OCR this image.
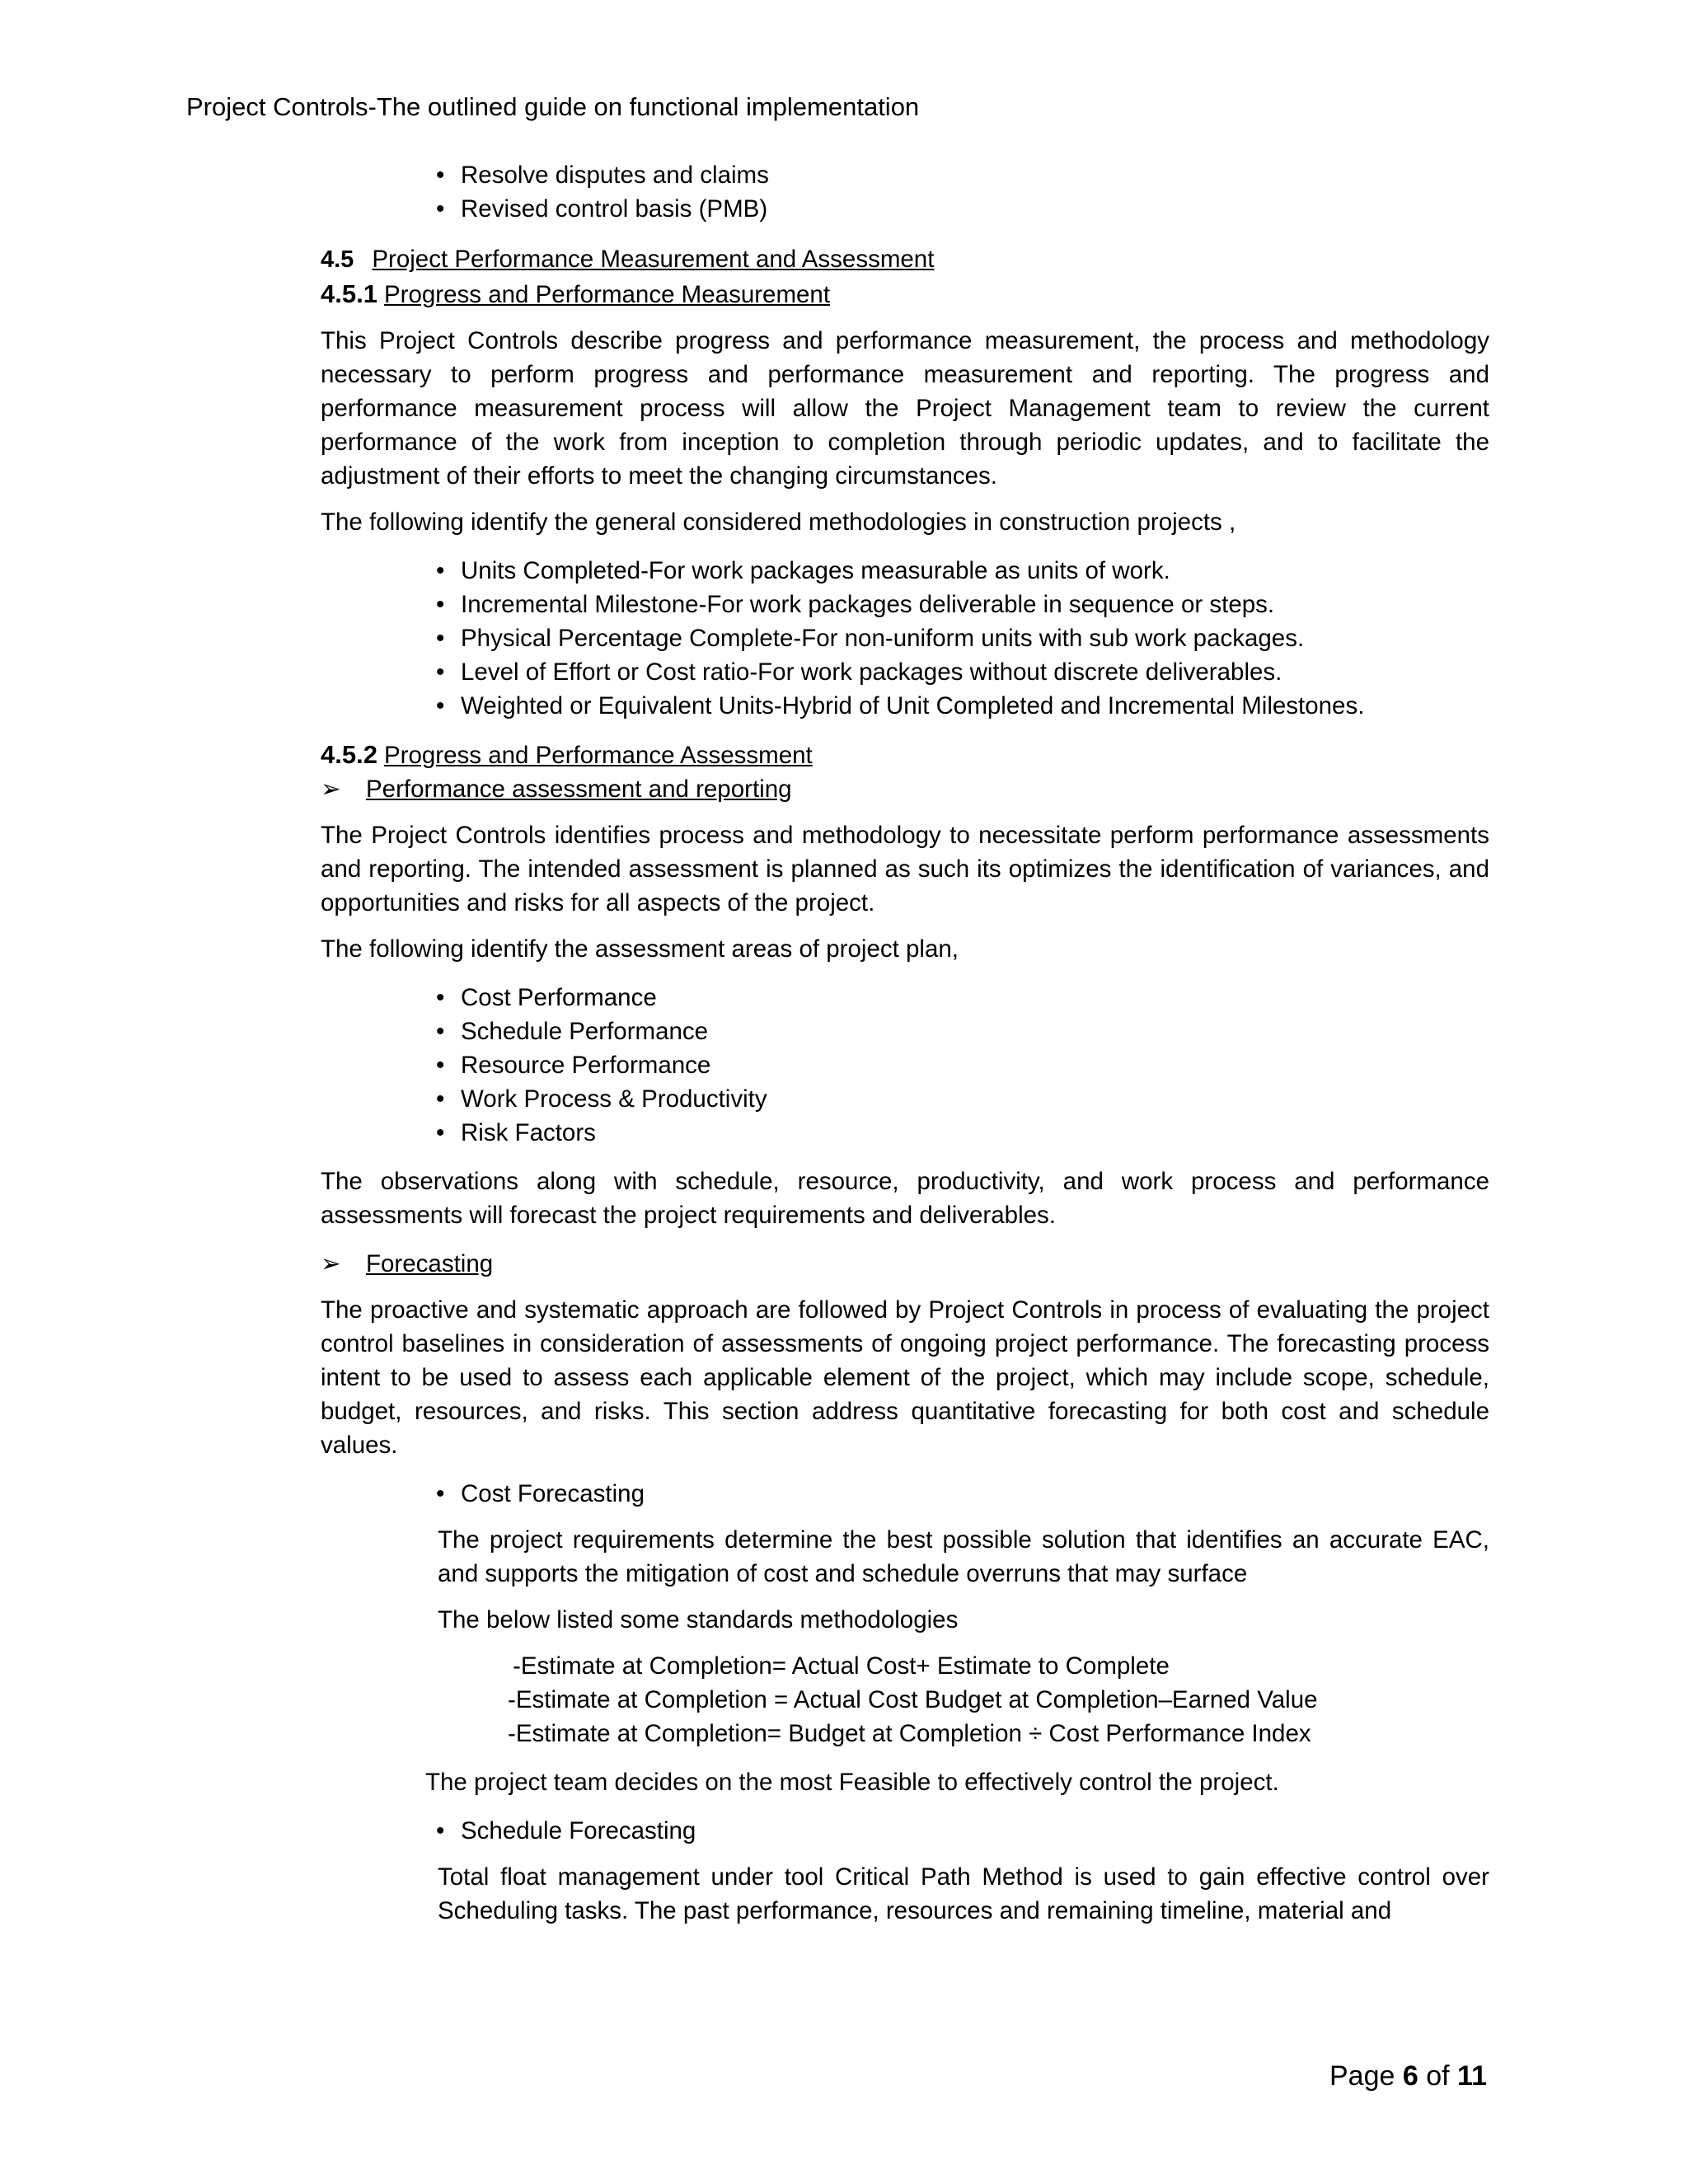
Project Controls-The outlined guide on functional implementation
• Resolve disputes and claims
• Revised control basis (PMB)
4.5 Project Performance Measurement and Assessment
4.5.1 Progress and Performance Measurement

This Project Controls describe progress and performance measurement, the process and methodology necessary to perform progress and performance measurement and reporting. The progress and performance measurement process will allow the Project Management team to review the current performance of the work from inception to completion through periodic updates, and to facilitate the adjustment of their efforts to meet the changing circumstances.

The following identify the general considered methodologies in construction projects ,

• Units Completed-For work packages measurable as units of work.
• Incremental Milestone-For work packages deliverable in sequence or steps.
• Physical Percentage Complete-For non-uniform units with sub work packages.
• Level of Effort or Cost ratio-For work packages without discrete deliverables.
• Weighted or Equivalent Units-Hybrid of Unit Completed and Incremental Milestones.
4.5.2 Progress and Performance Assessment
➢ Performance assessment and reporting

The Project Controls identifies process and methodology to necessitate perform performance assessments and reporting. The intended assessment is planned as such its optimizes the identification of variances, and opportunities and risks for all aspects of the project.

The following identify the assessment areas of project plan,

• Cost Performance
• Schedule Performance
• Resource Performance
• Work Process & Productivity
• Risk Factors

The observations along with schedule, resource, productivity, and work process and performance assessments will forecast the project requirements and deliverables.

➢ Forecasting

The proactive and systematic approach are followed by Project Controls in process of evaluating the project control baselines in consideration of assessments of ongoing project performance. The forecasting process intent to be used to assess each applicable element of the project, which may include scope, schedule, budget, resources, and risks. This section address quantitative forecasting for both cost and schedule values.

• Cost Forecasting

The project requirements determine the best possible solution that identifies an accurate EAC, and supports the mitigation of cost and schedule overruns that may surface

The below listed some standards methodologies

-Estimate at Completion= Actual Cost+ Estimate to Complete
-Estimate at Completion = Actual Cost Budget at Completion–Earned Value
-Estimate at Completion= Budget at Completion ÷ Cost Performance Index

The project team decides on the most Feasible to effectively control the project.

• Schedule Forecasting

Total float management under tool Critical Path Method is used to gain effective control over Scheduling tasks. The past performance, resources and remaining timeline, material and

Page 6 of 11
